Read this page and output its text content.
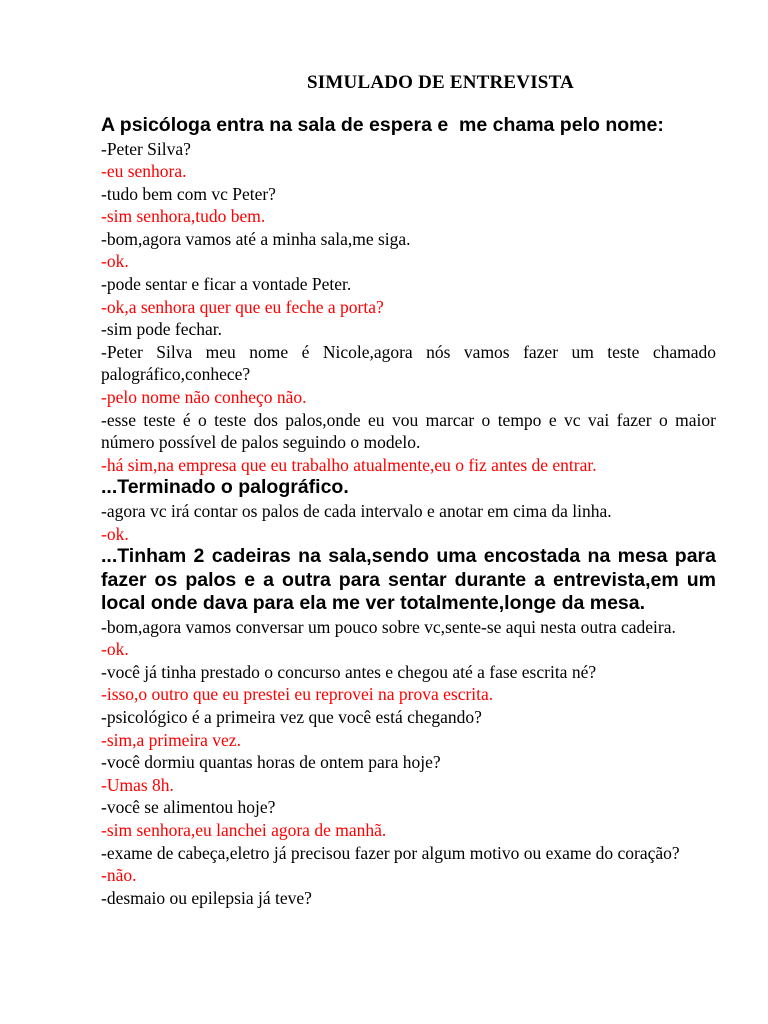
SIMULADO DE ENTREVISTA
A psicóloga entra na sala de espera e  me chama pelo nome:
-Peter Silva?
-eu senhora.
-tudo bem com vc Peter?
-sim senhora,tudo bem.
-bom,agora vamos até a minha sala,me siga.
-ok.
-pode sentar e ficar a vontade Peter.
-ok,a senhora quer que eu feche a porta?
-sim pode fechar.
-Peter Silva meu nome é Nicole,agora nós vamos fazer um teste chamado palográfico,conhece?
-pelo nome não conheço não.
-esse teste é o teste dos palos,onde eu vou marcar o tempo e vc vai fazer o maior número possível de palos seguindo o modelo.
-há sim,na empresa que eu trabalho atualmente,eu o fiz antes de entrar.
...Terminado o palográfico.
-agora vc irá contar os palos de cada intervalo e anotar em cima da linha.
-ok.
...Tinham 2 cadeiras na sala,sendo uma encostada na mesa para fazer os palos e a outra para sentar durante a entrevista,em um local onde dava para ela me ver totalmente,longe da mesa.
-bom,agora vamos conversar um pouco sobre vc,sente-se aqui nesta outra cadeira.
-ok.
-você já tinha prestado o concurso antes e chegou até a fase escrita né?
-isso,o outro que eu prestei eu reprovei na prova escrita.
-psicológico é a primeira vez que você está chegando?
-sim,a primeira vez.
-você dormiu quantas horas de ontem para hoje?
-Umas 8h.
-você se alimentou hoje?
-sim senhora,eu lanchei agora de manhã.
-exame de cabeça,eletro já precisou fazer por algum motivo ou exame do coração?
-não.
-desmaio ou epilepsia já teve?
